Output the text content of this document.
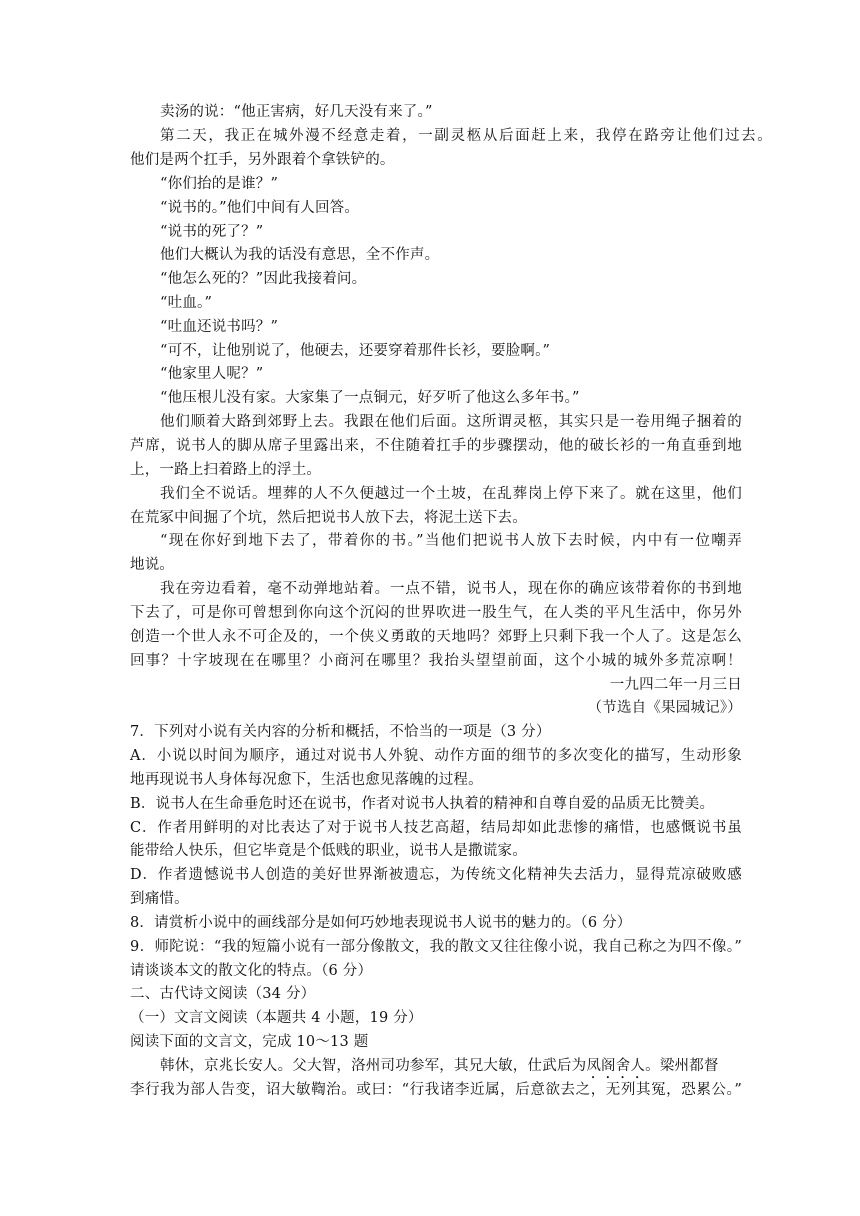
卖汤的说：“他正害病，好几天没有来了。”
第二天，我正在城外漫不经意走着，一副灵柩从后面赶上来，我停在路旁让他们过去。
他们是两个扛手，另外跟着个拿铁铲的。
“你们抬的是谁？”
“说书的。”他们中间有人回答。
“说书的死了？”
他们大概认为我的话没有意思，全不作声。
“他怎么死的？”因此我接着问。
“吐血。”
“吐血还说书吗？”
“可不，让他别说了，他硬去，还要穿着那件长衫，要脸啊。”
“他家里人呢？”
“他压根儿没有家。大家集了一点铜元，好歹听了他这么多年书。”
他们顺着大路到郊野上去。我跟在他们后面。这所谓灵柩，其实只是一卷用绳子捆着的
芦席，说书人的脚从席子里露出来，不住随着扛手的步骤摆动，他的破长衫的一角直垂到地
上，一路上扫着路上的浮土。
我们全不说话。埋葬的人不久便越过一个土坡，在乱葬岗上停下来了。就在这里，他们
在荒冢中间掘了个坑，然后把说书人放下去，将泥土送下去。
“现在你好到地下去了，带着你的书。”当他们把说书人放下去时候，内中有一位嘲弄
地说。
我在旁边看着，毫不动弹地站着。一点不错，说书人，现在你的确应该带着你的书到地
下去了，可是你可曾想到你向这个沉闷的世界吹进一股生气，在人类的平凡生活中，你另外
创造一个世人永不可企及的，一个侠义勇敢的天地吗？郊野上只剩下我一个人了。这是怎么
回事？十字坡现在在哪里？小商河在哪里？我抬头望望前面，这个小城的城外多荒凉啊！
一九四二年一月三日
（节选自《果园城记》）
7．下列对小说有关内容的分析和概括，不恰当的一项是（3 分）
A．小说以时间为顺序，通过对说书人外貌、动作方面的细节的多次变化的描写，生动形象
地再现说书人身体每况愈下，生活也愈见落魄的过程。
B．说书人在生命垂危时还在说书，作者对说书人执着的精神和自尊自爱的品质无比赞美。
C．作者用鲜明的对比表达了对于说书人技艺高超，结局却如此悲惨的痛惜，也感慨说书虽
能带给人快乐，但它毕竟是个低贱的职业，说书人是撒谎家。
D．作者遗憾说书人创造的美好世界渐被遗忘，为传统文化精神失去活力，显得荒凉破败感
到痛惜。
8．请赏析小说中的画线部分是如何巧妙地表现说书人说书的魅力的。（6 分）
9．师陀说：“我的短篇小说有一部分像散文，我的散文又往往像小说，我自己称之为四不像。”
请谈谈本文的散文化的特点。（6 分）
二、古代诗文阅读（34 分）
（一）文言文阅读（本题共 4 小题，19 分）
阅读下面的文言文，完成 10～13 题
韩休，京兆长安人。父大智，洛州司功参军，其兄大敏，仕武后为凤阁舍人。梁州都督
李行我为部人告变，诏大敏鞫治。或曰：“行我诸李近属，后意欲去之，无列其冤，恐累公。”
